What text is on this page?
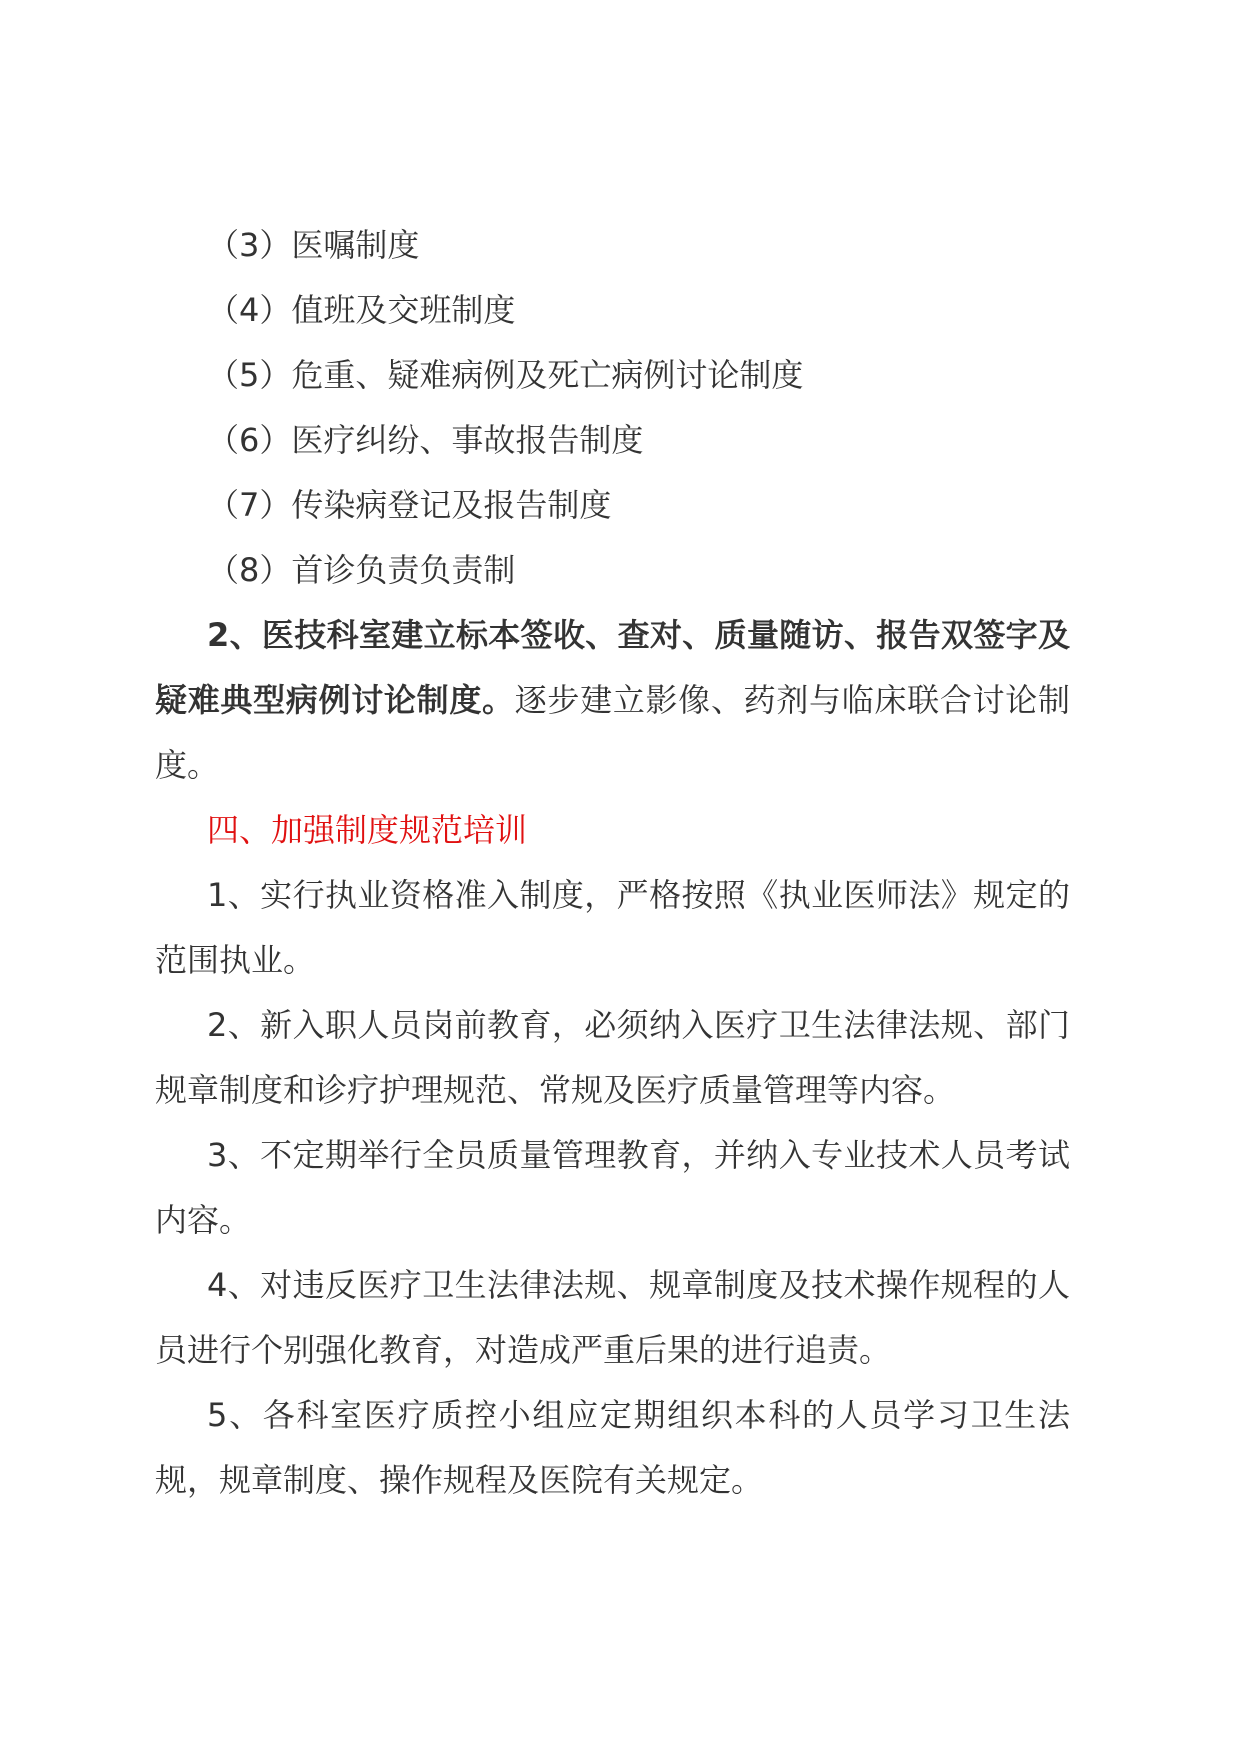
（3）医嘱制度

（4）值班及交班制度

（5）危重、疑难病例及死亡病例讨论制度

（6）医疗纠纷、事故报告制度

（7）传染病登记及报告制度

（8）首诊负责负责制

2、医技科室建立标本签收、查对、质量随访、报告双签字及疑难典型病例讨论制度。逐步建立影像、药剂与临床联合讨论制度。

四、加强制度规范培训

1、实行执业资格准入制度，严格按照《执业医师法》规定的范围执业。

2、新入职人员岗前教育，必须纳入医疗卫生法律法规、部门规章制度和诊疗护理规范、常规及医疗质量管理等内容。

3、不定期举行全员质量管理教育，并纳入专业技术人员考试内容。

4、对违反医疗卫生法律法规、规章制度及技术操作规程的人员进行个别强化教育，对造成严重后果的进行追责。

5、各科室医疗质控小组应定期组织本科的人员学习卫生法规，规章制度、操作规程及医院有关规定。
